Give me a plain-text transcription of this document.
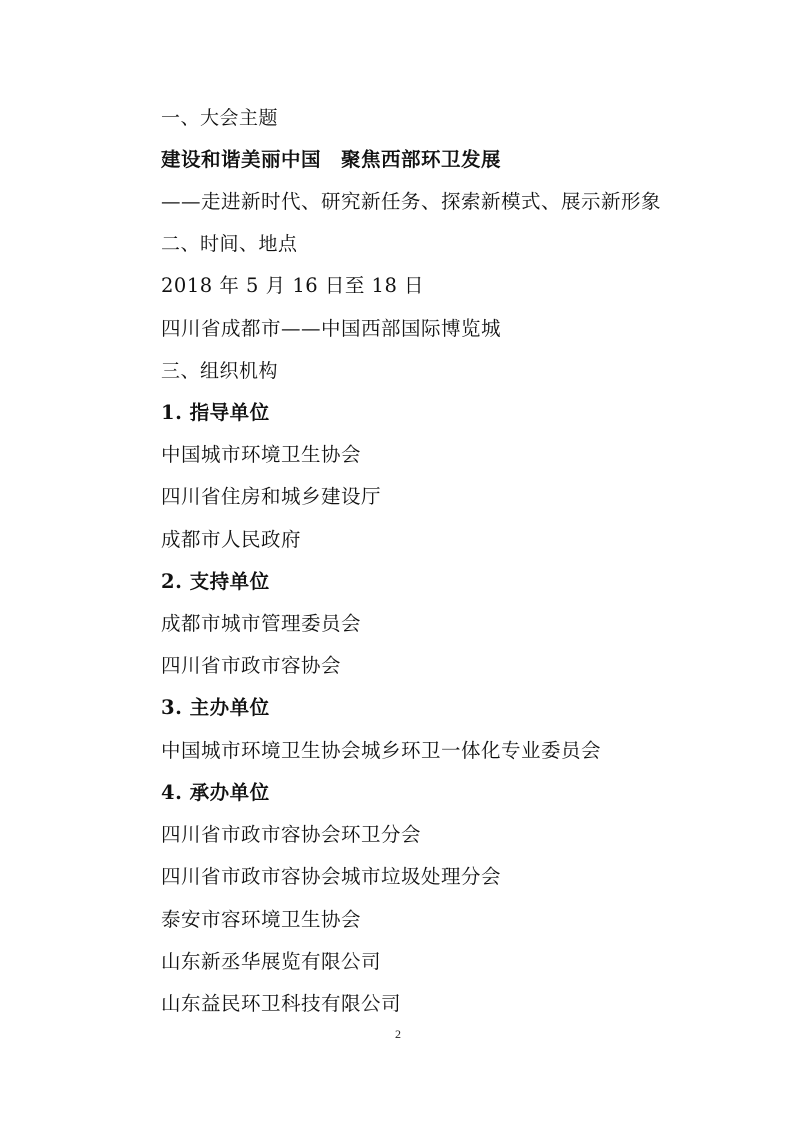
一、大会主题
建设和谐美丽中国　聚焦西部环卫发展
——走进新时代、研究新任务、探索新模式、展示新形象
二、时间、地点
2018 年 5 月 16 日至 18 日
四川省成都市——中国西部国际博览城
三、组织机构
1. 指导单位
中国城市环境卫生协会
四川省住房和城乡建设厅
成都市人民政府
2. 支持单位
成都市城市管理委员会
四川省市政市容协会
3. 主办单位
中国城市环境卫生协会城乡环卫一体化专业委员会
4. 承办单位
四川省市政市容协会环卫分会
四川省市政市容协会城市垃圾处理分会
泰安市容环境卫生协会
山东新丞华展览有限公司
山东益民环卫科技有限公司
2
